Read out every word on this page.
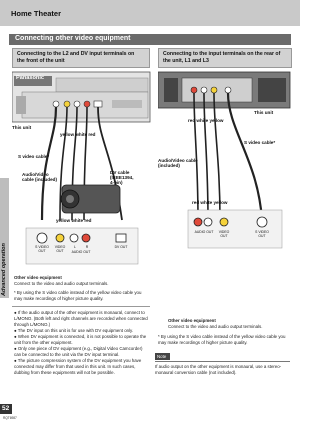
Home Theater
Connecting other video equipment
Advanced operation
Connecting to the L2 and DV input terminals on
the front of the unit
Connecting to the input terminals on the rear of
the unit, L1 and L3
Panasonic
This unit
yellow white red
S video cable*
Audio/Video
cable (included)
DV cable
(IEEE1394,
4-pin)
yellow white red
S VIDEO OUT
VIDEO OUT
L	R
AUDIO OUT
DV OUT
Other video equipment
Connect to the video and audio output terminals.
* By using the S video cable instead of the yellow video cable you may make recordings of higher picture quality.
● If the audio output of the other equipment is monaural, connect to L/MONO. (Both left and right channels are recorded when connected through L/MONO.)
● The DV input on this unit is for use with DV equipment only.
● When DV equipment is connected, it is not possible to operate the unit from the other equipment.
● Only one piece of DV equipment (e.g., Digital Video Camcorder) can be connected to the unit via the DV input terminal.
● The picture compression system of the DV equipment you have connected may differ from that used in this unit. In such cases, dubbing from these equipments will not be possible.
This unit
red white yellow
S video cable*
Audio/Video cable
(included)
red white yellow
AUDIO OUT	VIDEO OUT
S VIDEO OUT
Other video equipment
Connect to the video and audio output terminals.
* By using the S video cable instead of the yellow video cable you may make recordings of higher picture quality.
Note
If audio output on the other equipment is monaural, use a stereo-monaural conversion cable (not included).
52
RQT6987
